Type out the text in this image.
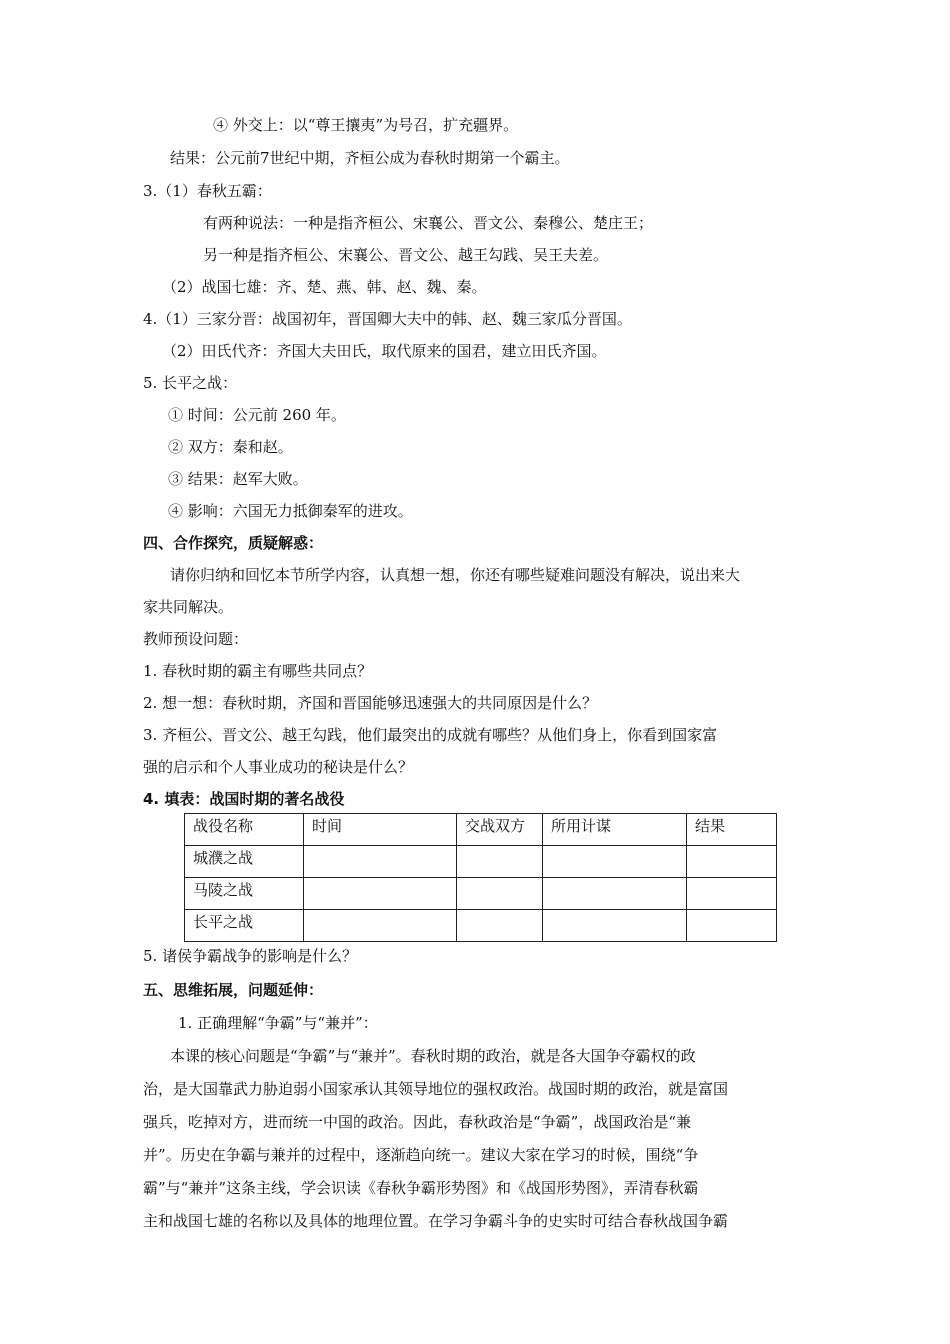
④ 外交上：以“尊王攘夷”为号召，扩充疆界。
结果：公元前7世纪中期，齐桓公成为春秋时期第一个霸主。
3.（1）春秋五霸：
有两种说法：一种是指齐桓公、宋襄公、晋文公、秦穆公、楚庄王；
另一种是指齐桓公、宋襄公、晋文公、越王勾践、吴王夫差。
（2）战国七雄：齐、楚、燕、韩、赵、魏、秦。
4.（1）三家分晋：战国初年，晋国卿大夫中的韩、赵、魏三家瓜分晋国。
（2）田氏代齐：齐国大夫田氏，取代原来的国君，建立田氏齐国。
5. 长平之战：
① 时间：公元前 260 年。
② 双方：秦和赵。
③ 结果：赵军大败。
④ 影响：六国无力抵御秦军的进攻。
四、合作探究，质疑解惑：
请你归纳和回忆本节所学内容，认真想一想，你还有哪些疑难问题没有解决，说出来大
家共同解决。
教师预设问题：
1. 春秋时期的霸主有哪些共同点？
2. 想一想：春秋时期，齐国和晋国能够迅速强大的共同原因是什么？
3. 齐桓公、晋文公、越王勾践，他们最突出的成就有哪些？从他们身上，你看到国家富
强的启示和个人事业成功的秘诀是什么？
4. 填表：战国时期的著名战役
战役名称	时间	交战双方	所用计谋	结果
城濮之战				
马陵之战				
长平之战				
5. 诸侯争霸战争的影响是什么？
五、思维拓展，问题延伸：
1. 正确理解“争霸”与“兼并”：
本课的核心问题是“争霸”与“兼并”。春秋时期的政治，就是各大国争夺霸权的政
治，是大国靠武力胁迫弱小国家承认其领导地位的强权政治。战国时期的政治，就是富国
强兵，吃掉对方，进而统一中国的政治。因此，春秋政治是“争霸”，战国政治是“兼
并”。历史在争霸与兼并的过程中，逐渐趋向统一。建议大家在学习的时候，围绕“争
霸”与“兼并”这条主线，学会识读《春秋争霸形势图》和《战国形势图》，弄清春秋霸
主和战国七雄的名称以及具体的地理位置。在学习争霸斗争的史实时可结合春秋战国争霸
